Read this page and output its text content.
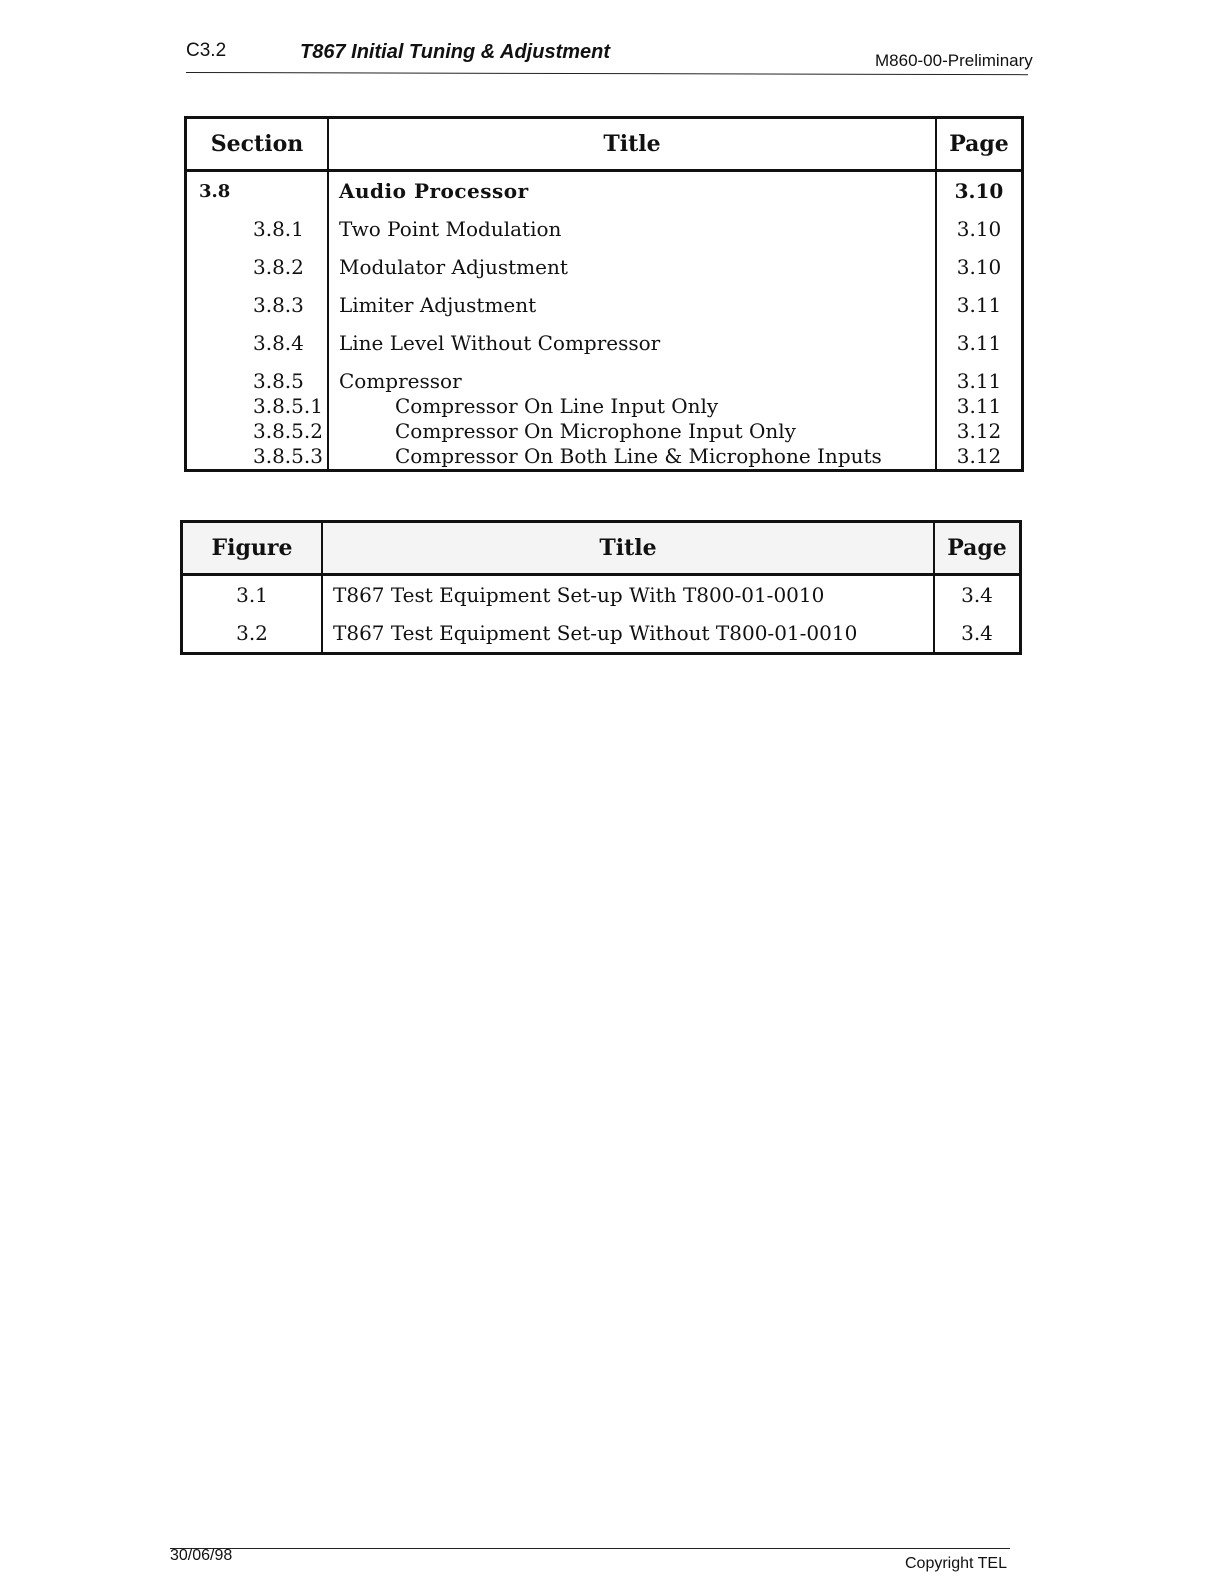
C3.2	T867 Initial Tuning & Adjustment	M860-00-Preliminary
Section	Title	Page
3.8	Audio Processor	3.10
3.8.1	Two Point Modulation	3.10
3.8.2	Modulator Adjustment	3.10
3.8.3	Limiter Adjustment	3.11
3.8.4	Line Level Without Compressor	3.11
3.8.5	Compressor	3.11
3.8.5.1	Compressor On Line Input Only	3.11
3.8.5.2	Compressor On Microphone Input Only	3.12
3.8.5.3	Compressor On Both Line & Microphone Inputs	3.12
Figure	Title	Page
3.1	T867 Test Equipment Set-up With T800-01-0010	3.4
3.2	T867 Test Equipment Set-up Without T800-01-0010	3.4
30/06/98	Copyright TEL
